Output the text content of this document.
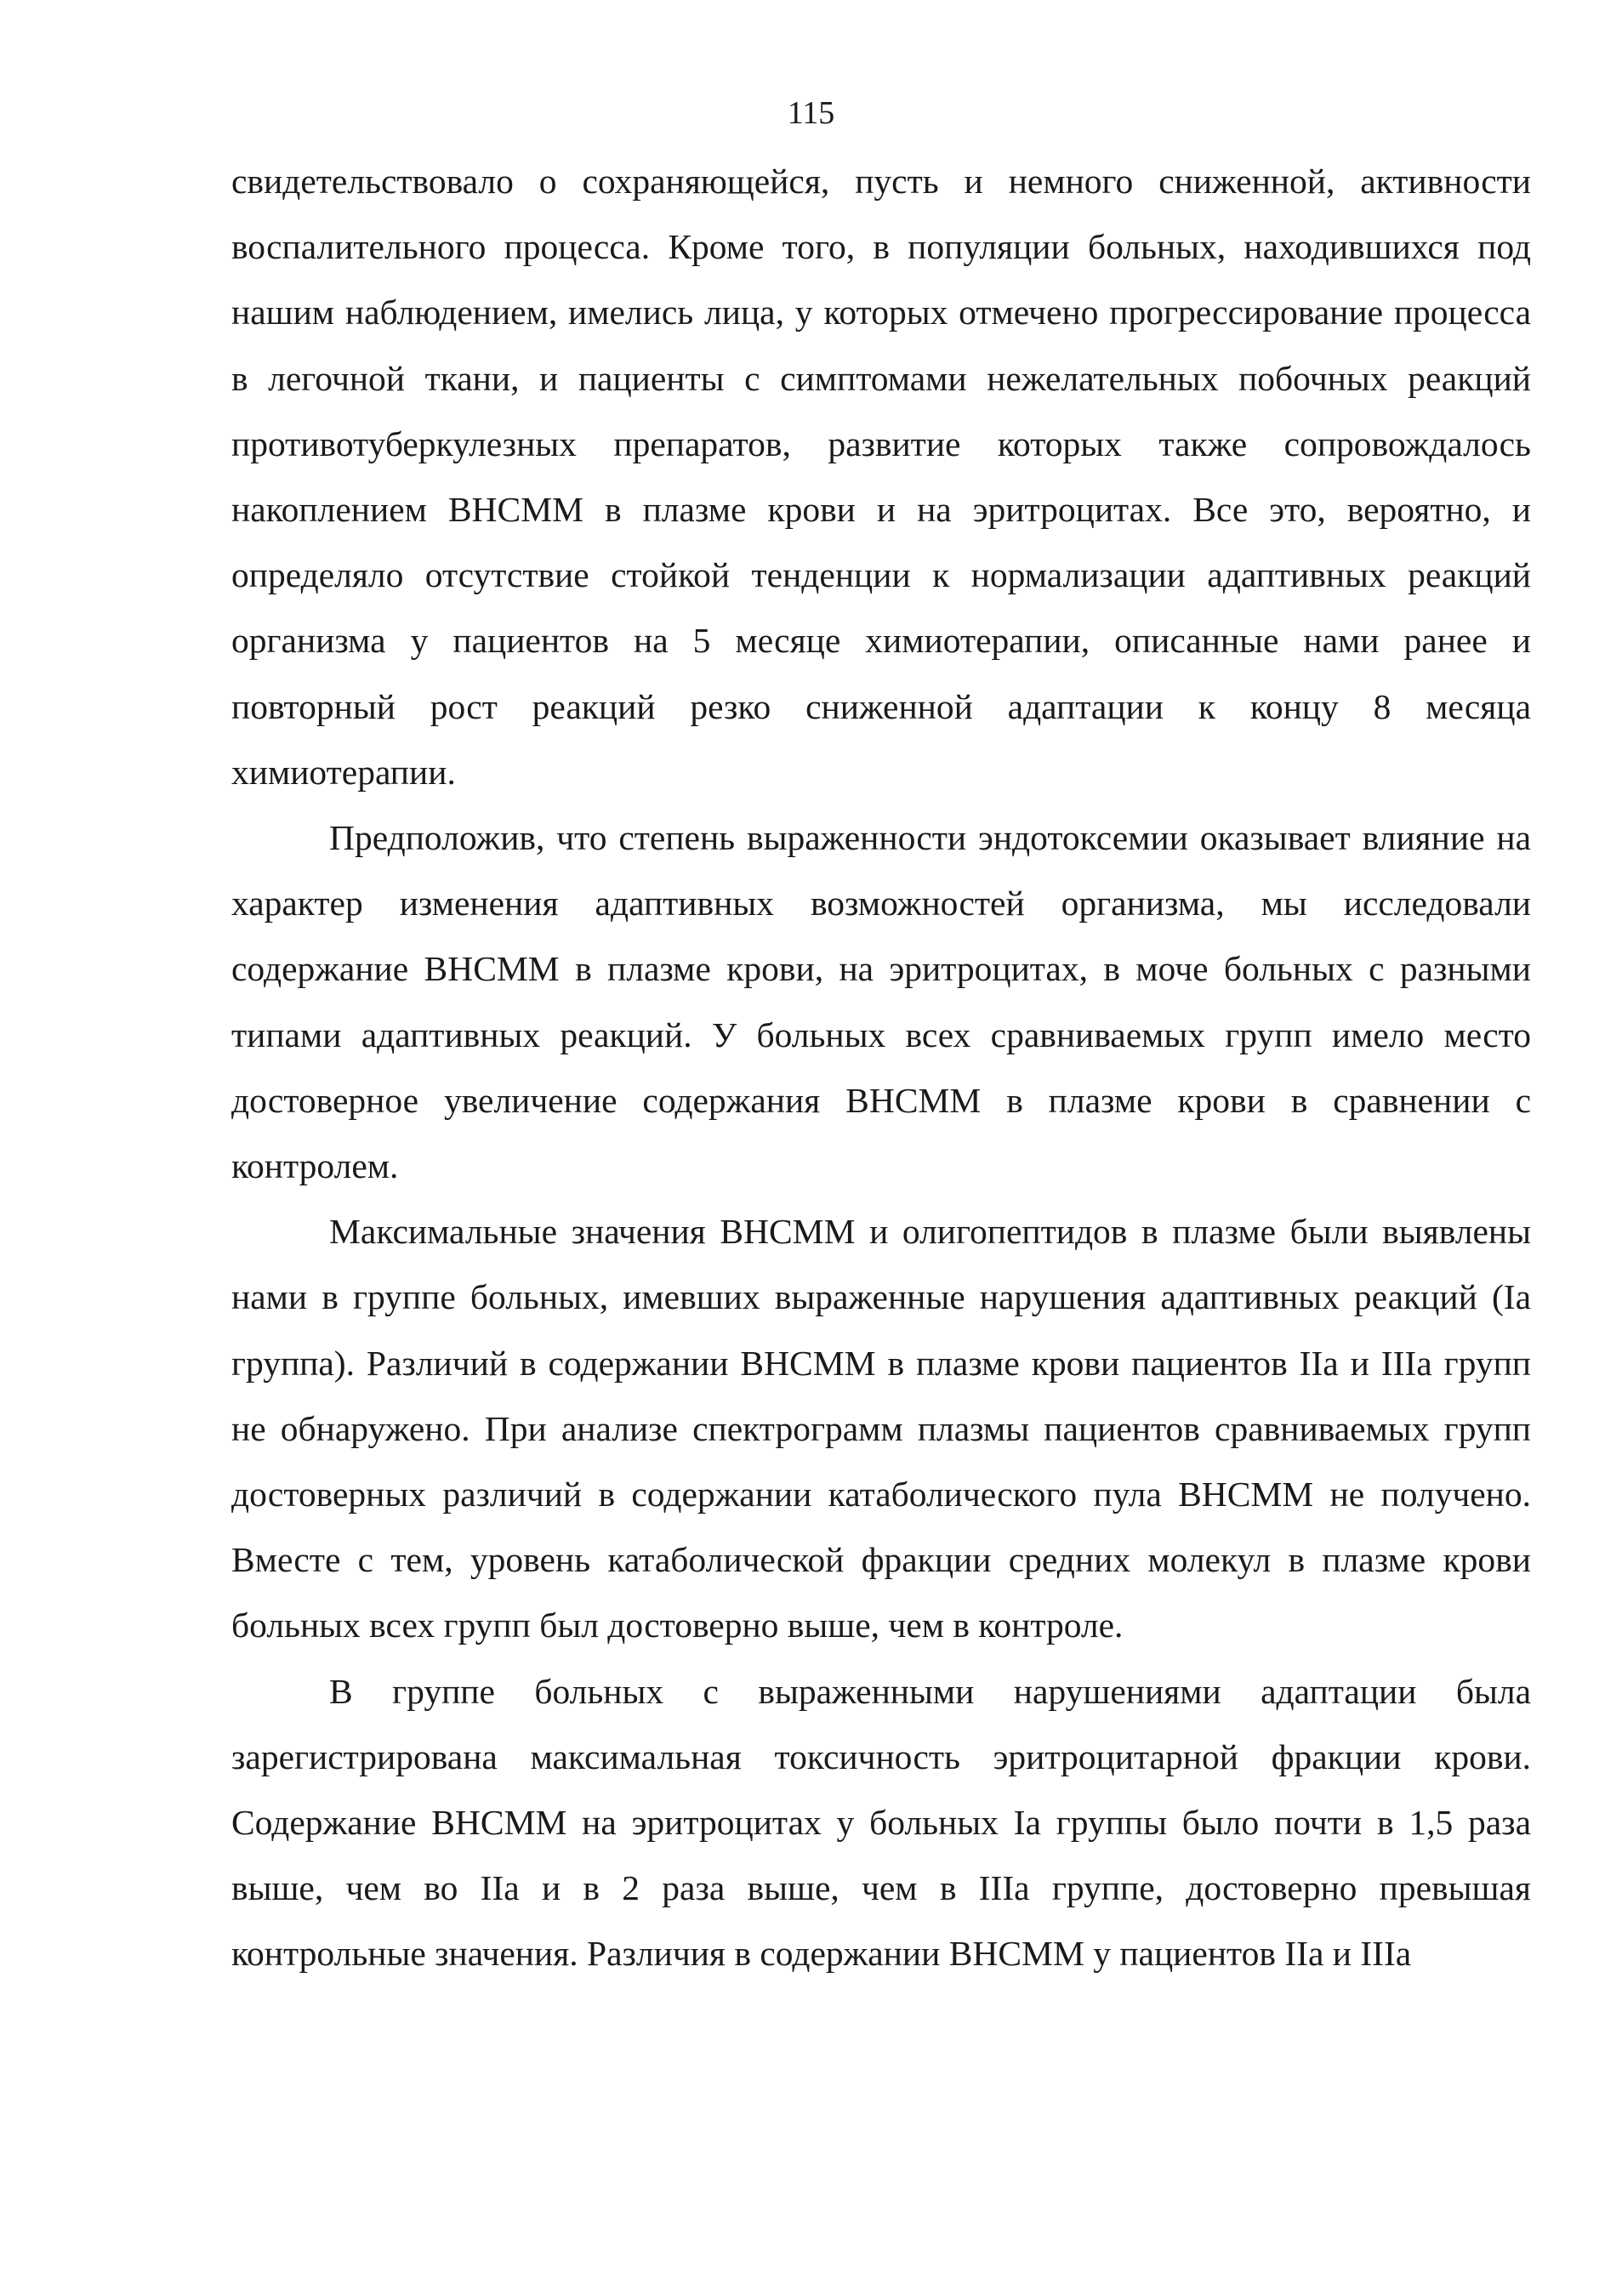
115

свидетельствовало о сохраняющейся, пусть и немного сниженной, активности воспалительного процесса. Кроме того, в популяции больных, находившихся под нашим наблюдением, имелись лица, у которых отмечено прогрессирование процесса в легочной ткани, и пациенты с симптомами нежелательных побочных реакций противотуберкулезных препаратов, развитие которых также сопровождалось накоплением ВНСММ в плазме крови и на эритроцитах. Все это, вероятно, и определяло отсутствие стойкой тенденции к нормализации адаптивных реакций организма у пациентов на 5 месяце химиотерапии, описанные нами ранее и повторный рост реакций резко сниженной адаптации к концу 8 месяца химиотерапии.

Предположив, что степень выраженности эндотоксемии оказывает влияние на характер изменения адаптивных возможностей организма, мы исследовали содержание ВНСММ в плазме крови, на эритроцитах, в моче больных с разными типами адаптивных реакций. У больных всех сравниваемых групп имело место достоверное увеличение содержания ВНСММ в плазме крови в сравнении с контролем.

Максимальные значения ВНСММ и олигопептидов в плазме были выявлены нами в группе больных, имевших выраженные нарушения адаптивных реакций (Iа группа). Различий в содержании ВНСММ в плазме крови пациентов IIа и IIIа групп не обнаружено. При анализе спектрограмм плазмы пациентов сравниваемых групп достоверных различий в содержании катаболического пула ВНСММ не получено. Вместе с тем, уровень катаболической фракции средних молекул в плазме крови больных всех групп был достоверно выше, чем в контроле.

В группе больных с выраженными нарушениями адаптации была зарегистрирована максимальная токсичность эритроцитарной фракции крови. Содержание ВНСММ на эритроцитах у больных Iа группы было почти в 1,5 раза выше, чем во IIа и в 2 раза выше, чем в IIIа группе, достоверно превышая контрольные значения. Различия в содержании ВНСММ у пациентов IIа и IIIа
